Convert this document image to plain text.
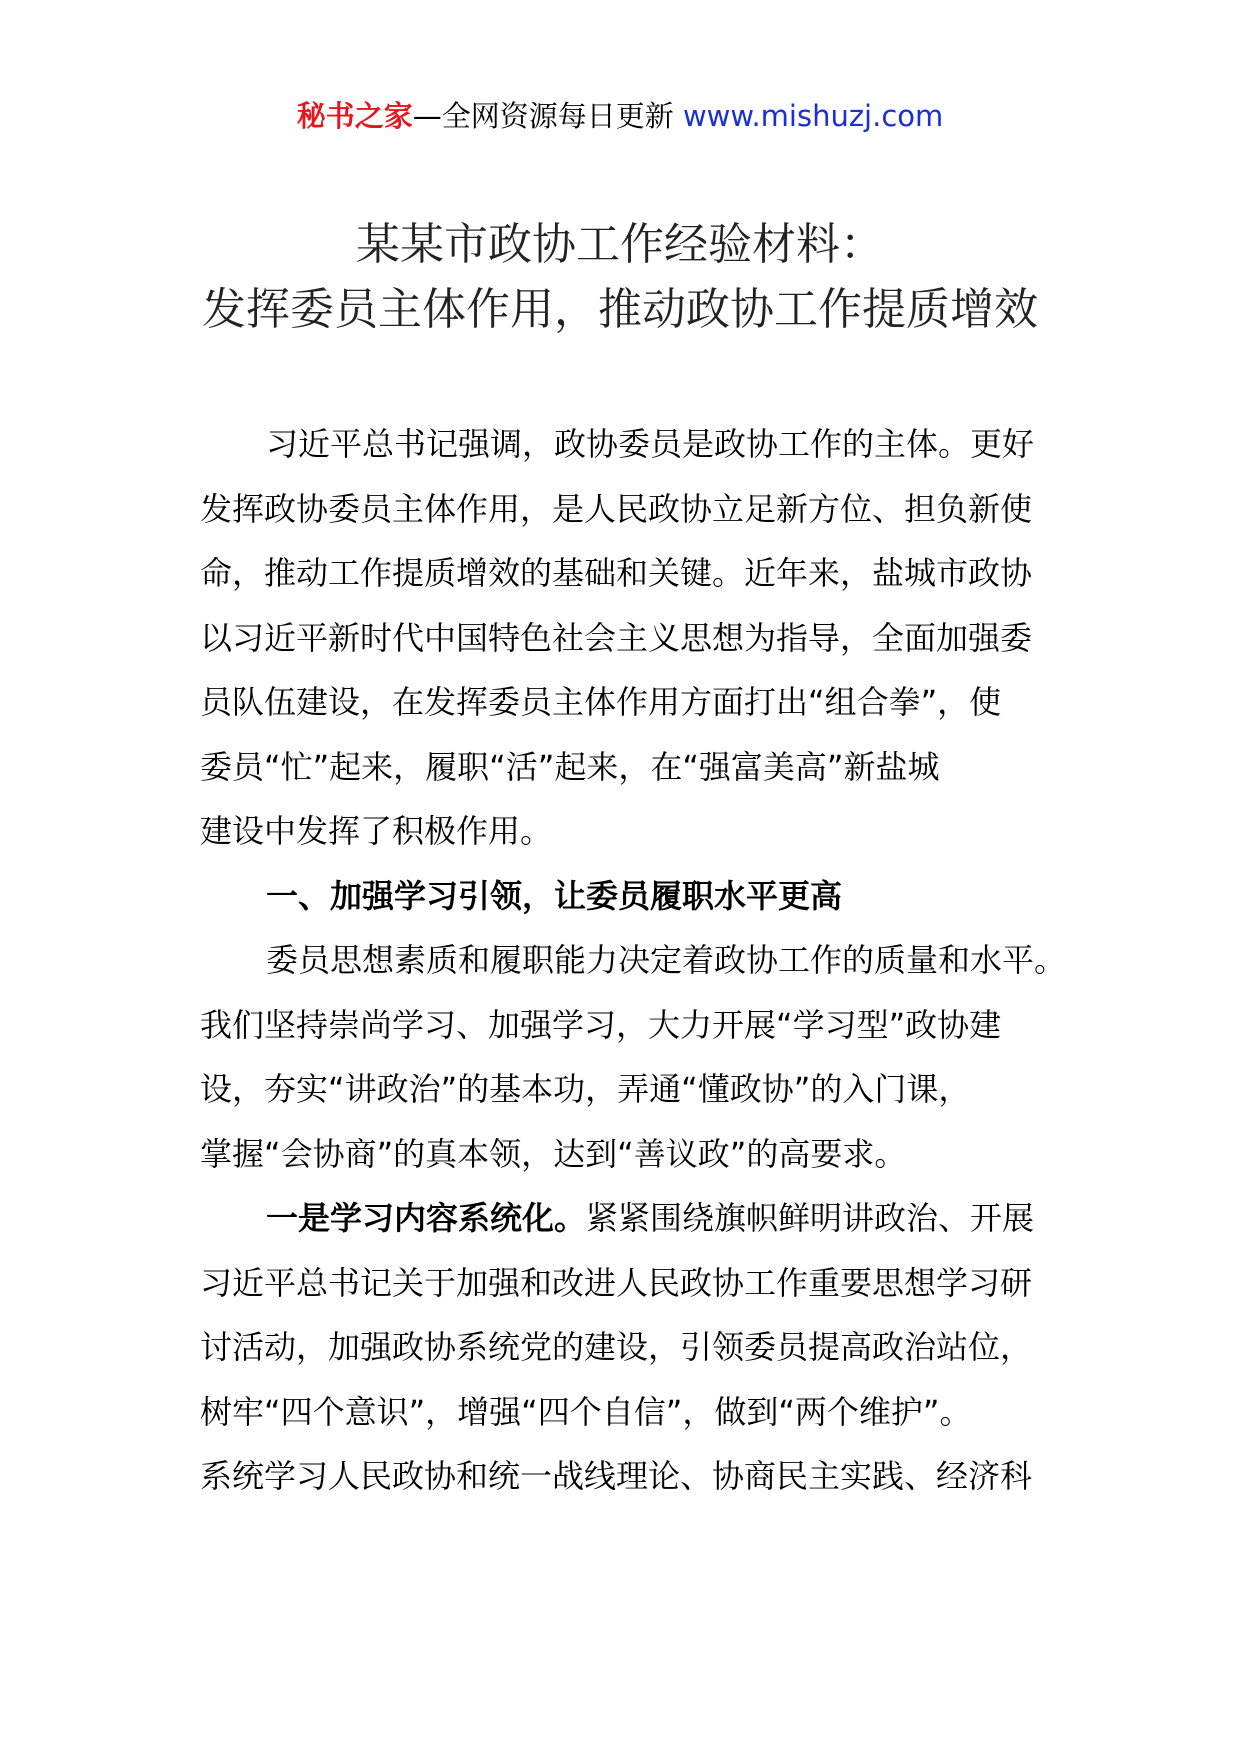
秘书之家—全网资源每日更新 www.mishuzj.com
某某市政协工作经验材料：
发挥委员主体作用，推动政协工作提质增效
习近平总书记强调，政协委员是政协工作的主体。更好
发挥政协委员主体作用，是人民政协立足新方位、担负新使
命，推动工作提质增效的基础和关键。近年来，盐城市政协
以习近平新时代中国特色社会主义思想为指导，全面加强委
员队伍建设，在发挥委员主体作用方面打出“组合拳”，使
委员“忙”起来，履职“活”起来，在“强富美高”新盐城
建设中发挥了积极作用。
一、加强学习引领，让委员履职水平更高
委员思想素质和履职能力决定着政协工作的质量和水平。
我们坚持崇尚学习、加强学习，大力开展“学习型”政协建
设，夯实“讲政治”的基本功，弄通“懂政协”的入门课，
掌握“会协商”的真本领，达到“善议政”的高要求。
一是学习内容系统化。紧紧围绕旗帜鲜明讲政治、开展
习近平总书记关于加强和改进人民政协工作重要思想学习研
讨活动，加强政协系统党的建设，引领委员提高政治站位，
树牢“四个意识”，增强“四个自信”，做到“两个维护”。
系统学习人民政协和统一战线理论、协商民主实践、经济科
